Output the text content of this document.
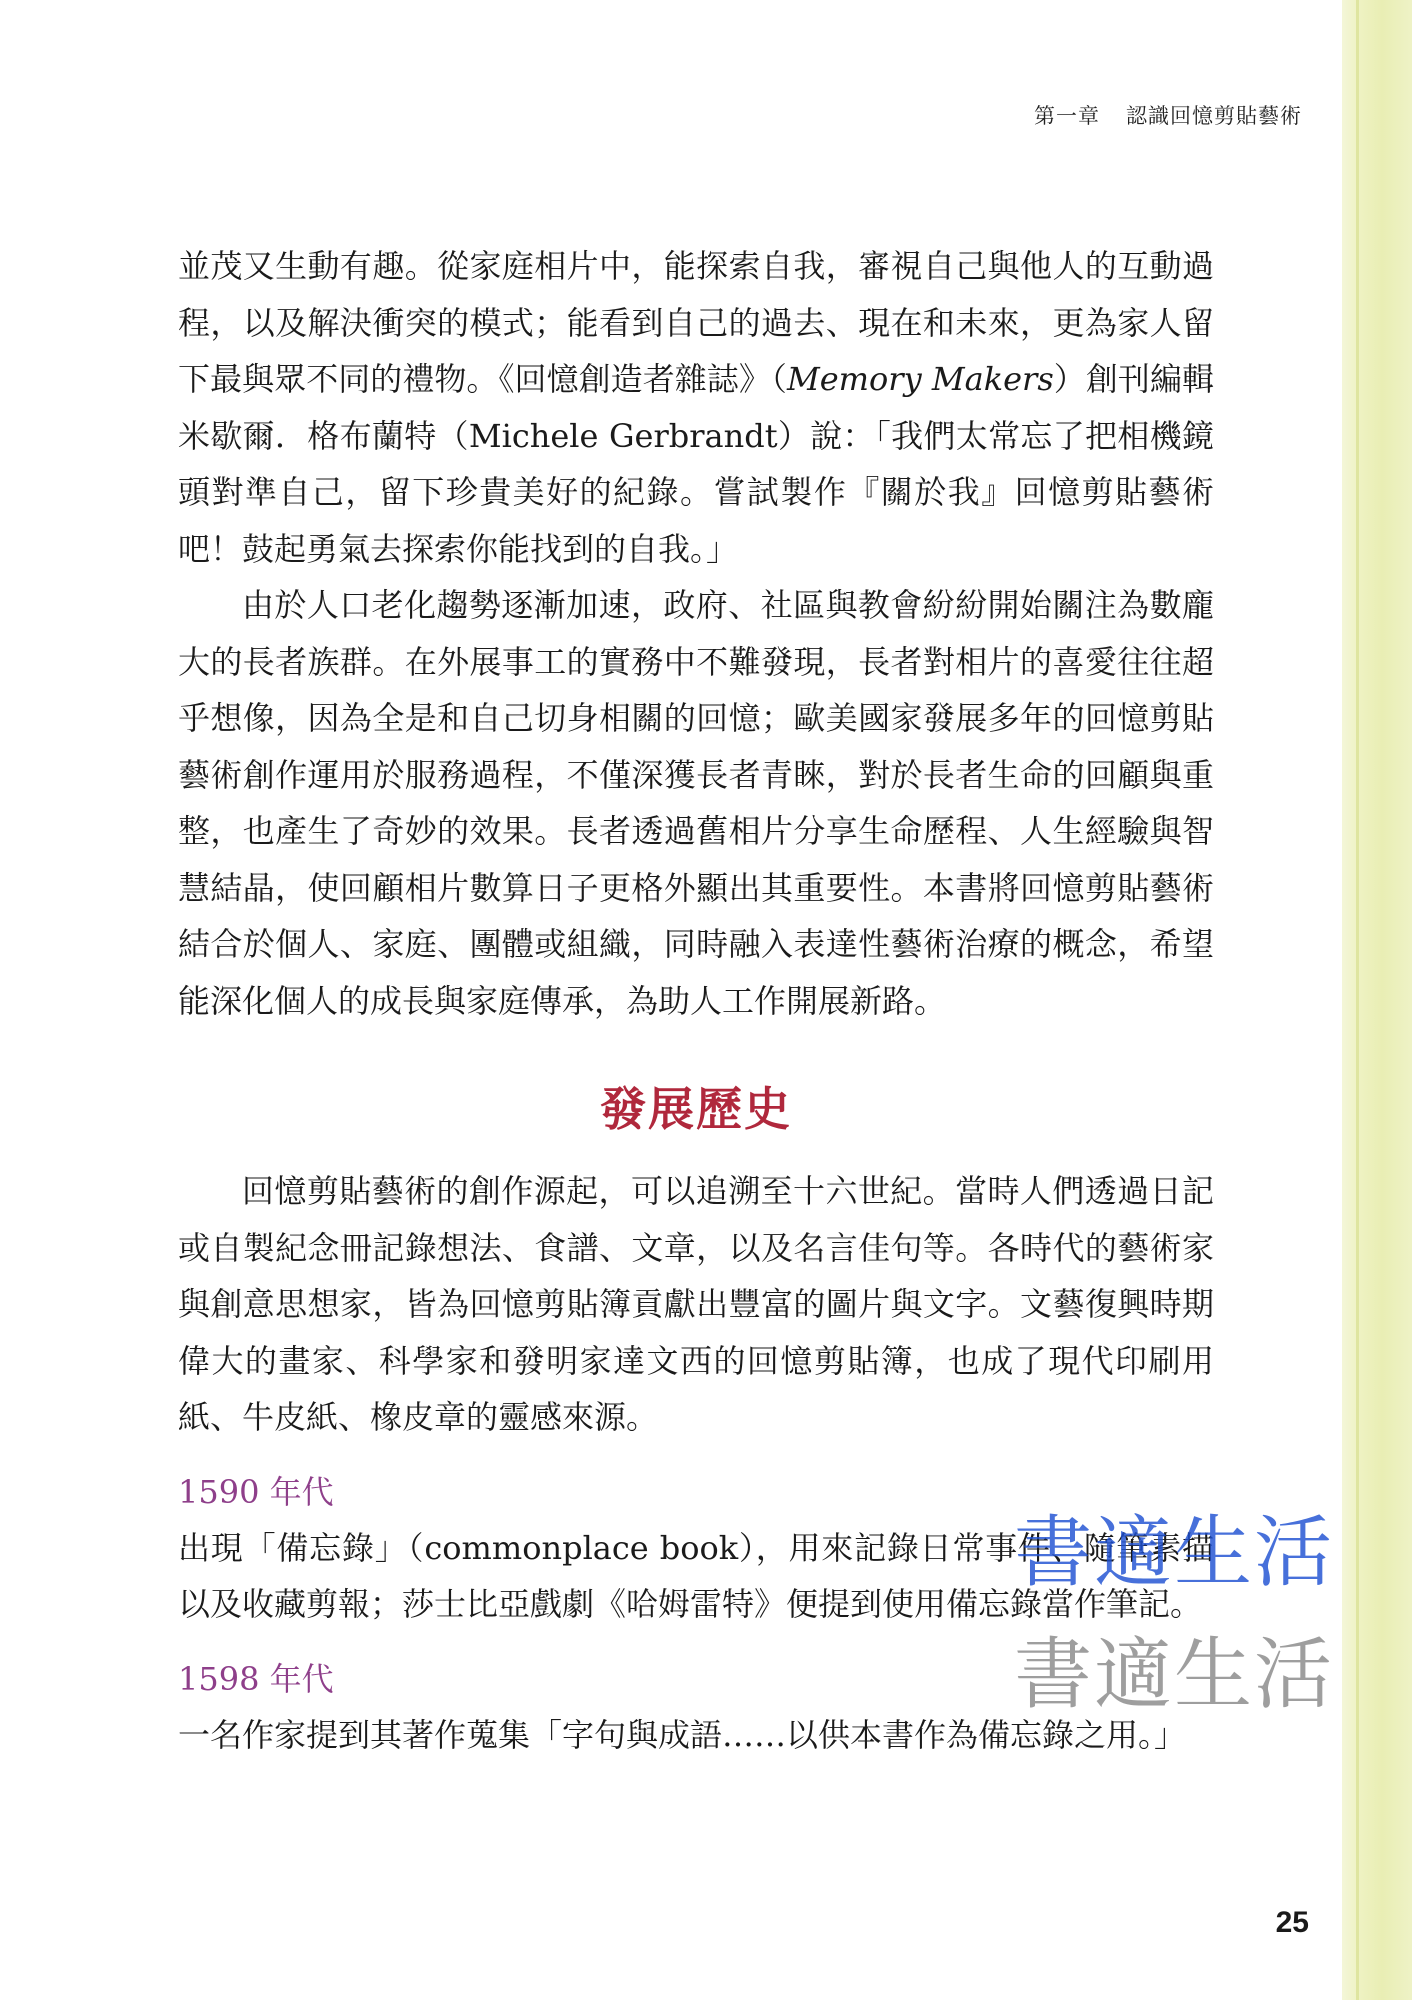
第一章 認識回憶剪貼藝術

並茂又生動有趣。從家庭相片中，能探索自我，審視自己與他人的互動過程，以及解決衝突的模式；能看到自己的過去、現在和未來，更為家人留下最與眾不同的禮物。《回憶創造者雜誌》（Memory Makers）創刊編輯米歇爾．格布蘭特（Michele Gerbrandt）說：「我們太常忘了把相機鏡頭對準自己，留下珍貴美好的紀錄。嘗試製作『關於我』回憶剪貼藝術吧！鼓起勇氣去探索你能找到的自我。」

由於人口老化趨勢逐漸加速，政府、社區與教會紛紛開始關注為數龐大的長者族群。在外展事工的實務中不難發現，長者對相片的喜愛往往超乎想像，因為全是和自己切身相關的回憶；歐美國家發展多年的回憶剪貼藝術創作運用於服務過程，不僅深獲長者青睞，對於長者生命的回顧與重整，也產生了奇妙的效果。長者透過舊相片分享生命歷程、人生經驗與智慧結晶，使回顧相片數算日子更格外顯出其重要性。本書將回憶剪貼藝術結合於個人、家庭、團體或組織，同時融入表達性藝術治療的概念，希望能深化個人的成長與家庭傳承，為助人工作開展新路。

發展歷史

回憶剪貼藝術的創作源起，可以追溯至十六世紀。當時人們透過日記或自製紀念冊記錄想法、食譜、文章，以及名言佳句等。各時代的藝術家與創意思想家，皆為回憶剪貼簿貢獻出豐富的圖片與文字。文藝復興時期偉大的畫家、科學家和發明家達文西的回憶剪貼簿，也成了現代印刷用紙、牛皮紙、橡皮章的靈感來源。

1590 年代

出現「備忘錄」（commonplace book），用來記錄日常事件、隨筆素描以及收藏剪報；莎士比亞戲劇《哈姆雷特》便提到使用備忘錄當作筆記。

1598 年代

一名作家提到其著作蒐集「字句與成語……以供本書作為備忘錄之用。」

書適生活
書適生活
25
